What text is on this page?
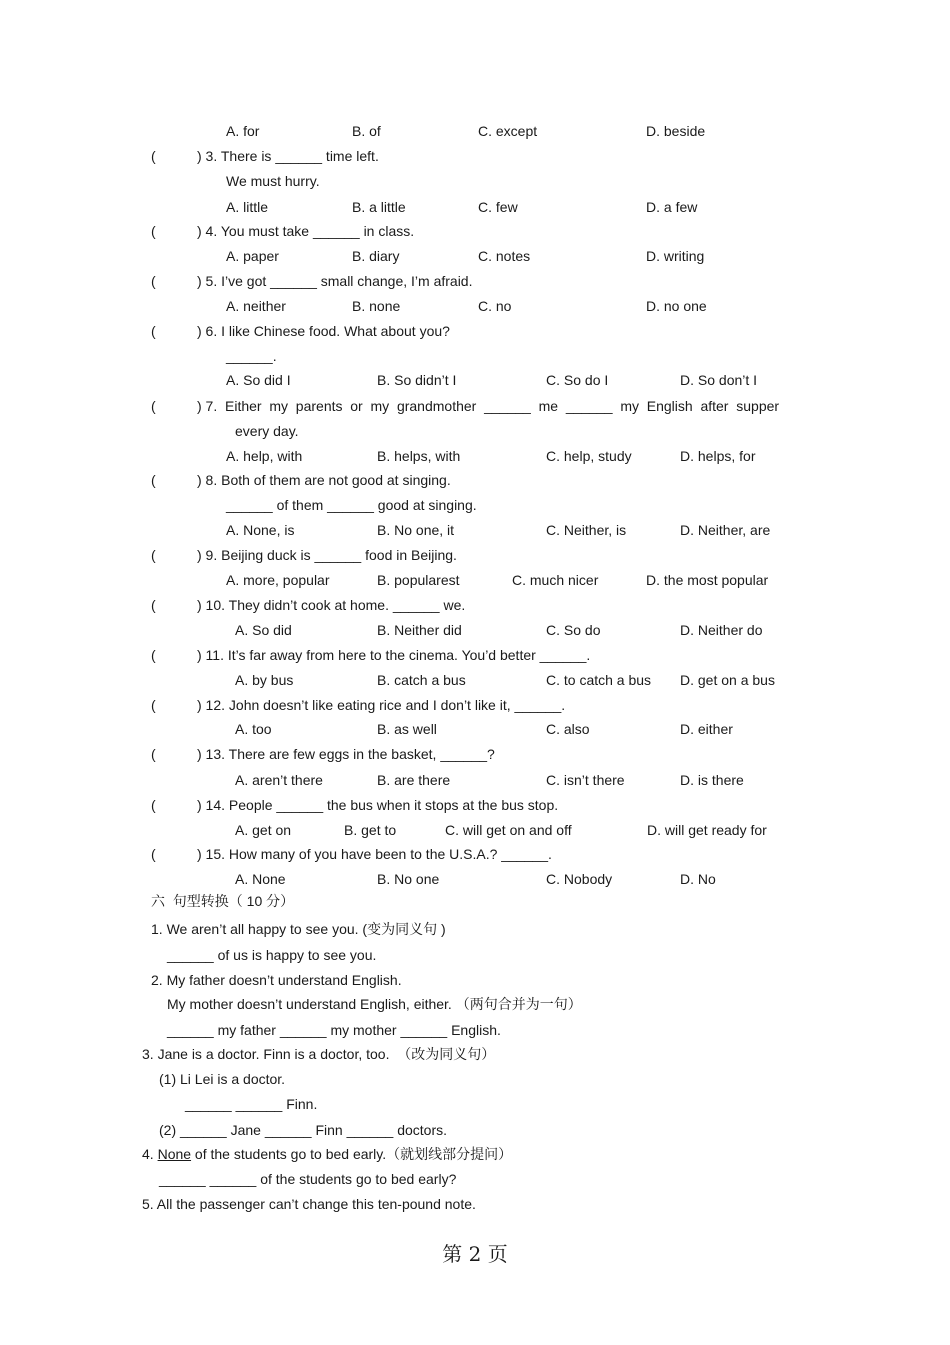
A. for	B. of	C. except	D. beside
(	) 3. There is ______ time left.
We must hurry.
A. little	B. a little	C. few	D. a few
(	) 4. You must take ______ in class.
A. paper	B. diary	C. notes	D. writing
(	) 5. I’ve got ______ small change, I’m afraid.
A. neither	B. none	C. no	D. no one
(	) 6. I like Chinese food. What about you?
______.
A. So did I	B. So didn’t I	C. So do I	D. So don’t I
(	) 7.  Either  my  parents  or  my  grandmother  ______  me  ______  my  English  after  supper
every day.
A. help, with	B. helps, with	C. help, study	D. helps, for
(	) 8. Both of them are not good at singing.
______ of them ______ good at singing.
A. None, is	B. No one, it	C. Neither, is	D. Neither, are
(	) 9. Beijing duck is ______ food in Beijing.
A. more, popular	B. popularest	C. much nicer	D. the most popular
(	) 10. They didn’t cook at home. ______ we.
A. So did	B. Neither did	C. So do	D. Neither do
(	) 11. It’s far away from here to the cinema. You’d better ______.
A. by bus	B. catch a bus	C. to catch a bus D. get on a bus
(	) 12. John doesn’t like eating rice and I don’t like it, ______.
A. too	B. as well	C. also	D. either
(	) 13. There are few eggs in the basket, ______?
A. aren’t there	B. are there	C. isn’t there	D. is there
(	) 14. People ______ the bus when it stops at the bus stop.
A. get on	B. get to	C. will get on and off	D. will get ready for
(	) 15. How many of you have been to the U.S.A.? ______.
A. None	B. No one	C. Nobody	D. No
六  句型转换（ 10 分）
1. We aren’t all happy to see you. (变为同义句 )
______ of us is happy to see you.
2. My father doesn’t understand English.
My mother doesn’t understand English, either. （两句合并为一句）
______ my father ______ my mother ______ English.
3. Jane is a doctor. Finn is a doctor, too.  （改为同义句）
(1) Li Lei is a doctor.
______ ______ Finn.
(2) ______ Jane ______ Finn ______ doctors.
4. None of the students go to bed early.（就划线部分提问）
______ ______ of the students go to bed early?
5. All the passenger can’t change this ten-pound note.
第 2 页
